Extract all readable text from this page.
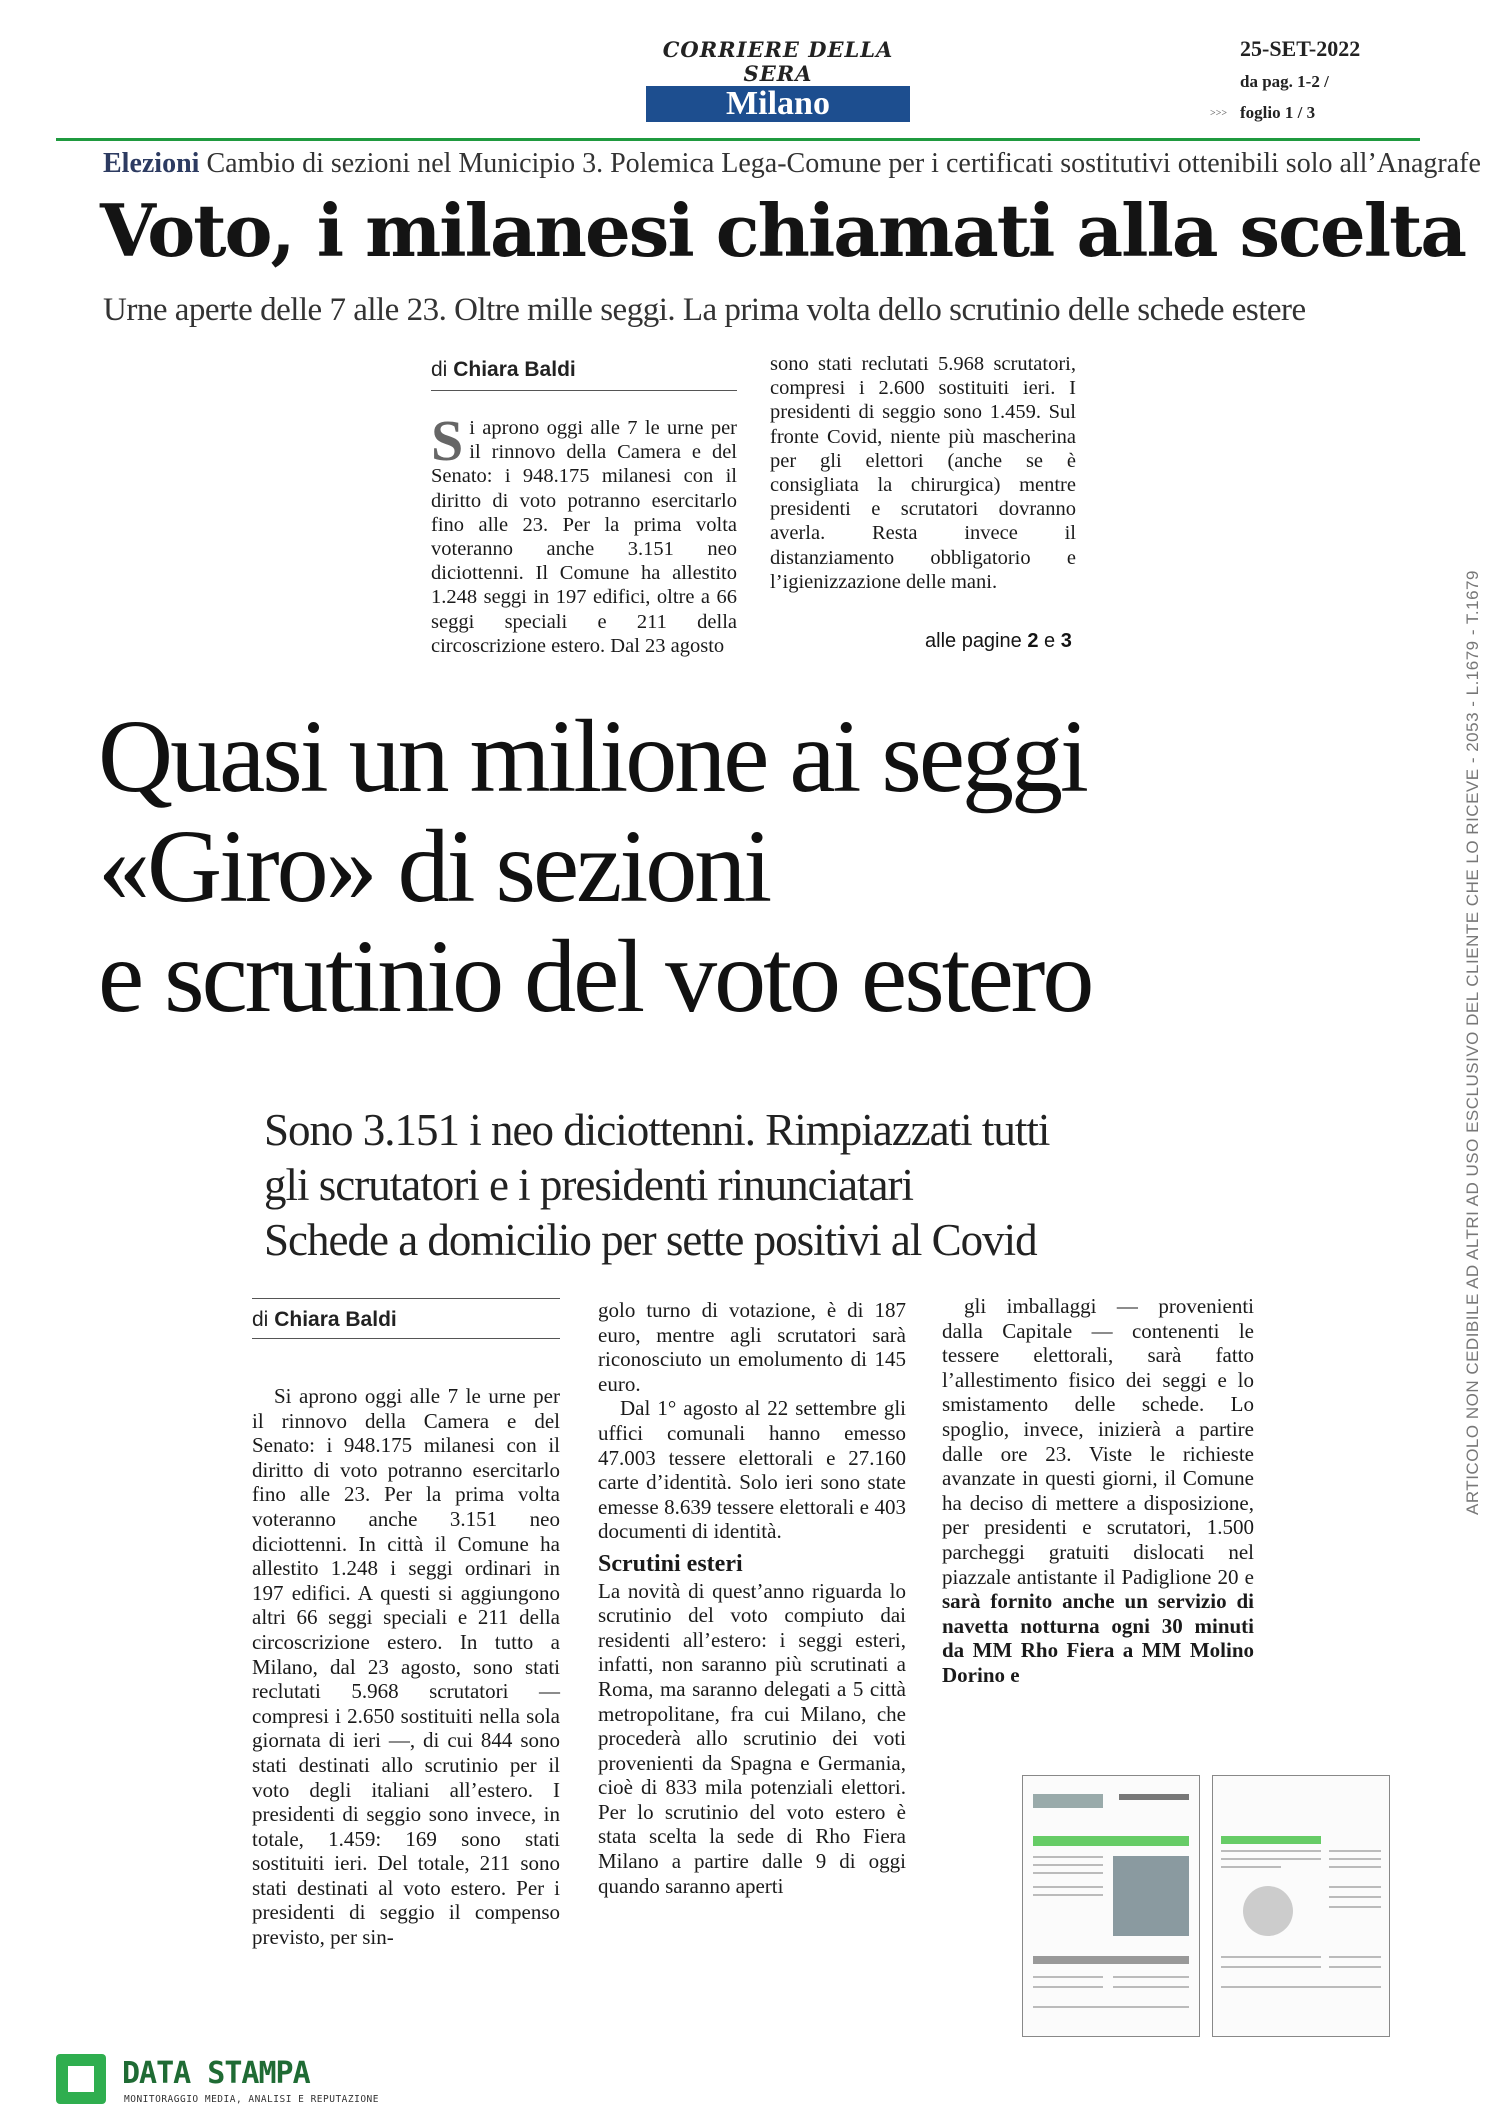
CORRIERE DELLA SERA
Milano
25-SET-2022
da pag. 1-2 /
foglio 1 / 3
>>>
Elezioni Cambio di sezioni nel Municipio 3. Polemica Lega-Comune per i certificati sostitutivi ottenibili solo all’Anagrafe
Voto, i milanesi chiamati alla scelta
Urne aperte delle 7 alle 23. Oltre mille seggi. La prima volta dello scrutinio delle schede estere
di Chiara Baldi
Si aprono oggi alle 7 le urne per il rinnovo della Camera e del Senato: i 948.175 milanesi con il diritto di voto potranno esercitarlo fino alle 23. Per la prima volta voteranno anche 3.151 neo diciottenni. Il Comune ha allestito 1.248 seggi in 197 edifici, oltre a 66 seggi speciali e 211 della circoscrizione estero. Dal 23 agosto
sono stati reclutati 5.968 scrutatori, compresi i 2.600 sostituiti ieri. I presidenti di seggio sono 1.459. Sul fronte Covid, niente più mascherina per gli elettori (anche se è consigliata la chirurgica) mentre presidenti e scrutatori dovranno averla. Resta invece il distanziamento obbligatorio e l’igienizzazione delle mani.
alle pagine 2 e 3
Quasi un milione ai seggi
«Giro» di sezioni
e scrutinio del voto estero
Sono 3.151 i neo diciottenni. Rimpiazzati tutti
gli scrutatori e i presidenti rinunciatari
Schede a domicilio per sette positivi al Covid
di Chiara Baldi

Si aprono oggi alle 7 le urne per il rinnovo della Camera e del Senato: i 948.175 milanesi con il diritto di voto potranno esercitarlo fino alle 23. Per la prima volta voteranno anche 3.151 neo diciottenni. In città il Comune ha allestito 1.248 i seggi ordinari in 197 edifici. A questi si aggiungono altri 66 seggi speciali e 211 della circoscrizione estero. In tutto a Milano, dal 23 agosto, sono stati reclutati 5.968 scrutatori — compresi i 2.650 sostituiti nella sola giornata di ieri —, di cui 844 sono stati destinati allo scrutinio per il voto degli italiani all’estero. I presidenti di seggio sono invece, in totale, 1.459: 169 sono stati sostituiti ieri. Del totale, 211 sono stati destinati al voto estero. Per i presidenti di seggio il compenso previsto, per sin-

golo turno di votazione, è di 187 euro, mentre agli scrutatori sarà riconosciuto un emolumento di 145 euro.

Dal 1° agosto al 22 settembre gli uffici comunali hanno emesso 47.003 tessere elettorali e 27.160 carte d’identità. Solo ieri sono state emesse 8.639 tessere elettorali e 403 documenti di identità.

Scrutini esteri

La novità di quest’anno riguarda lo scrutinio del voto compiuto dai residenti all’estero: i seggi esteri, infatti, non saranno più scrutinati a Roma, ma saranno delegati a 5 città metropolitane, fra cui Milano, che procederà allo scrutinio dei voti provenienti da Spagna e Germania, cioè di 833 mila potenziali elettori. Per lo scrutinio del voto estero è stata scelta la sede di Rho Fiera Milano a partire dalle 9 di oggi quando saranno aperti

gli imballaggi — provenienti dalla Capitale — contenenti le tessere elettorali, sarà fatto l’allestimento fisico dei seggi e lo smistamento delle schede. Lo spoglio, invece, inizierà a partire dalle ore 23. Viste le richieste avanzate in questi giorni, il Comune ha deciso di mettere a disposizione, per presidenti e scrutatori, 1.500 parcheggi gratuiti dislocati nel piazzale antistante il Padiglione 20 e sarà fornito anche un servizio di navetta notturna ogni 30 minuti da MM Rho Fiera a MM Molino Dorino e

ARTICOLO NON CEDIBILE AD ALTRI AD USO ESCLUSIVO DEL CLIENTE CHE LO RICEVE - 2053 - L.1679 - T.1679
DATA STAMPA
MONITORAGGIO MEDIA, ANALISI E REPUTAZIONE
